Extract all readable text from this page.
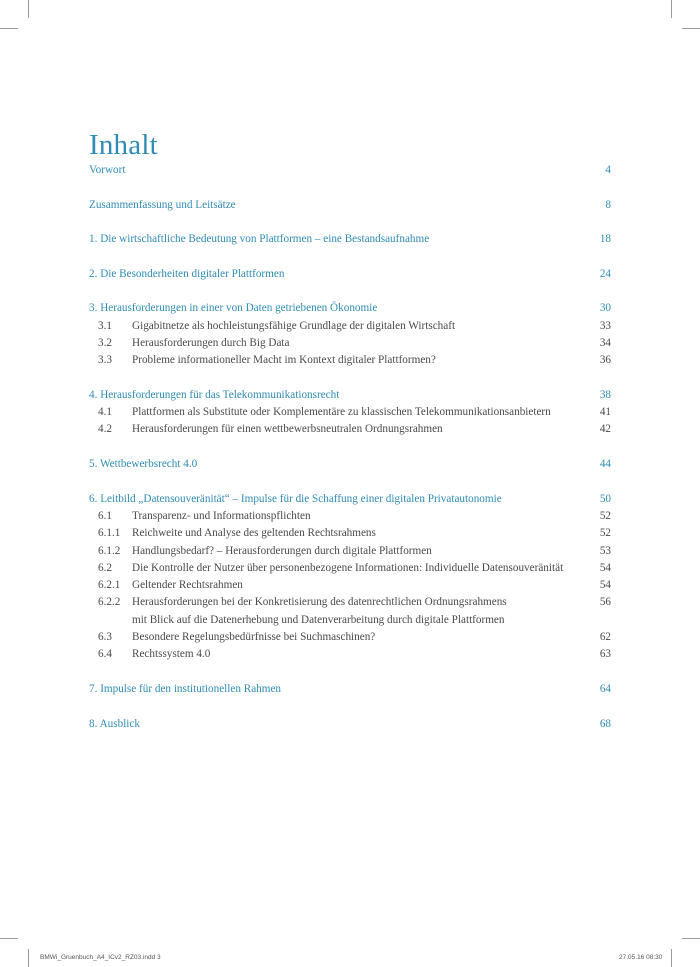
Inhalt
Vorwort	4
Zusammenfassung und Leitsätze	8
1. Die wirtschaftliche Bedeutung von Plattformen – eine Bestandsaufnahme	18
2. Die Besonderheiten digitaler Plattformen	24
3. Herausforderungen in einer von Daten getriebenen Ökonomie	30
3.1 Gigabitnetze als hochleistungsfähige Grundlage der digitalen Wirtschaft	33
3.2 Herausforderungen durch Big Data	34
3.3 Probleme informationeller Macht im Kontext digitaler Plattformen?	36
4. Herausforderungen für das Telekommunikationsrecht	38
4.1 Plattformen als Substitute oder Komplementäre zu klassischen Telekommunikationsanbietern	41
4.2 Herausforderungen für einen wettbewerbsneutralen Ordnungsrahmen	42
5. Wettbewerbsrecht 4.0	44
6. Leitbild „Datensouveränität“ – Impulse für die Schaffung einer digitalen Privatautonomie	50
6.1 Transparenz- und Informationspflichten	52
6.1.1 Reichweite und Analyse des geltenden Rechtsrahmens	52
6.1.2 Handlungsbedarf? – Herausforderungen durch digitale Plattformen	53
6.2 Die Kontrolle der Nutzer über personenbezogene Informationen: Individuelle Datensouveränität	54
6.2.1 Geltender Rechtsrahmen	54
6.2.2 Herausforderungen bei der Konkretisierung des datenrechtlichen Ordnungsrahmens	56
mit Blick auf die Datenerhebung und Datenverarbeitung durch digitale Plattformen
6.3 Besondere Regelungsbedürfnisse bei Suchmaschinen?	62
6.4 Rechtssystem 4.0	63
7. Impulse für den institutionellen Rahmen	64
8. Ausblick	68
BMWi_Gruenbuch_A4_ICv2_RZ03.indd 3	27.05.16 08:30
